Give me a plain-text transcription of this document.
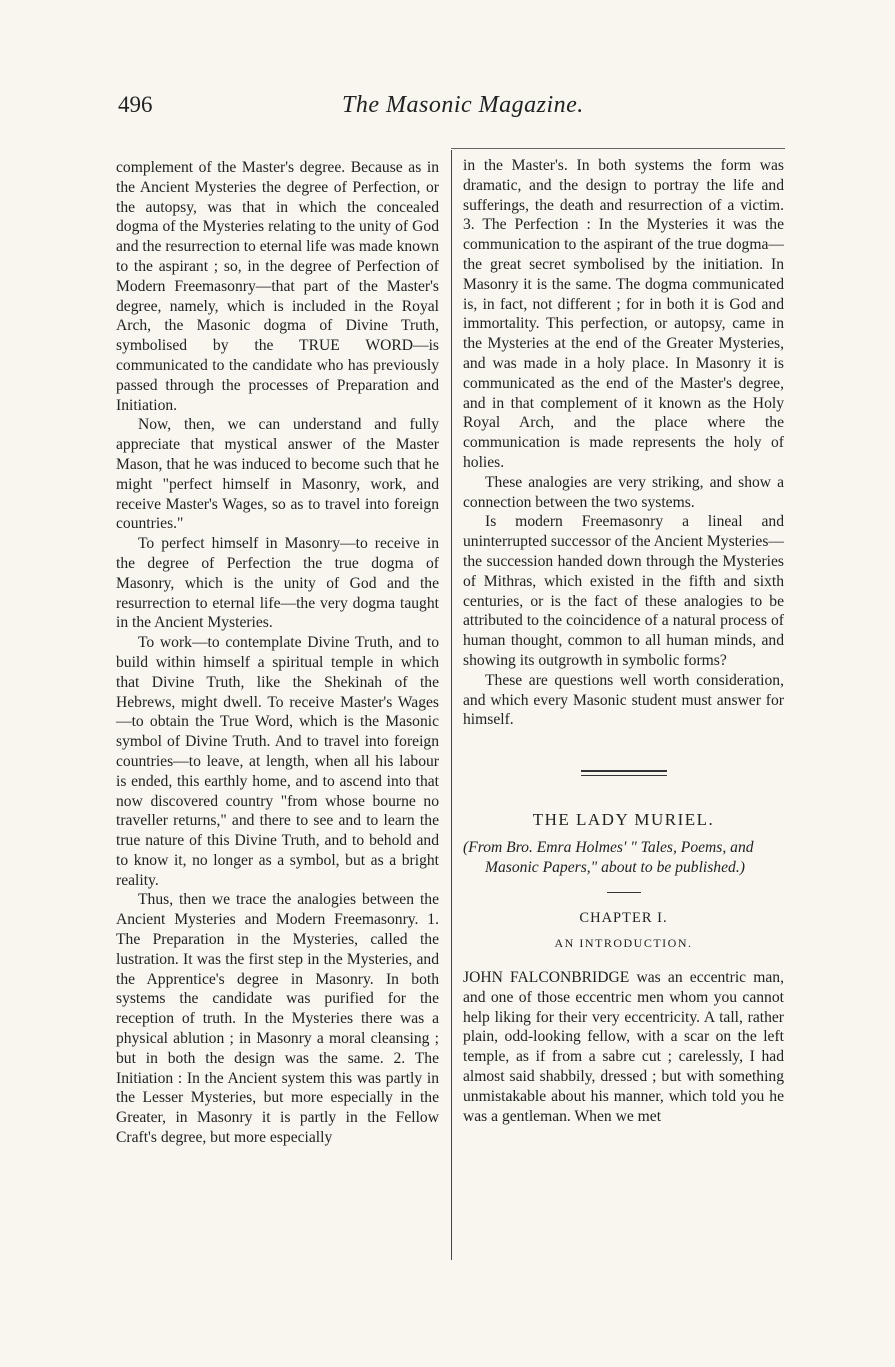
496	The Masonic Magazine.

complement of the Master's degree. Because as in the Ancient Mysteries the degree of Perfection, or the autopsy, was that in which the concealed dogma of the Mysteries relating to the unity of God and the resurrection to eternal life was made known to the aspirant ; so, in the degree of Perfection of Modern Freemasonry—that part of the Master's degree, namely, which is included in the Royal Arch, the Masonic dogma of Divine Truth, symbolised by the TRUE WORD—is communicated to the candidate who has previously passed through the processes of Preparation and Initiation.

Now, then, we can understand and fully appreciate that mystical answer of the Master Mason, that he was induced to become such that he might "perfect himself in Masonry, work, and receive Master's Wages, so as to travel into foreign countries."

To perfect himself in Masonry—to receive in the degree of Perfection the true dogma of Masonry, which is the unity of God and the resurrection to eternal life—the very dogma taught in the Ancient Mysteries.

To work—to contemplate Divine Truth, and to build within himself a spiritual temple in which that Divine Truth, like the Shekinah of the Hebrews, might dwell. To receive Master's Wages—to obtain the True Word, which is the Masonic symbol of Divine Truth. And to travel into foreign countries—to leave, at length, when all his labour is ended, this earthly home, and to ascend into that now discovered country "from whose bourne no traveller returns," and there to see and to learn the true nature of this Divine Truth, and to behold and to know it, no longer as a symbol, but as a bright reality.

Thus, then we trace the analogies between the Ancient Mysteries and Modern Freemasonry. 1. The Preparation in the Mysteries, called the lustration. It was the first step in the Mysteries, and the Apprentice's degree in Masonry. In both systems the candidate was purified for the reception of truth. In the Mysteries there was a physical ablution ; in Masonry a moral cleansing ; but in both the design was the same. 2. The Initiation : In the Ancient system this was partly in the Lesser Mysteries, but more especially in the Greater, in Masonry it is partly in the Fellow Craft's degree, but more especially

in the Master's. In both systems the form was dramatic, and the design to portray the life and sufferings, the death and resurrection of a victim. 3. The Perfection : In the Mysteries it was the communication to the aspirant of the true dogma—the great secret symbolised by the initiation. In Masonry it is the same. The dogma communicated is, in fact, not different ; for in both it is God and immortality. This perfection, or autopsy, came in the Mysteries at the end of the Greater Mysteries, and was made in a holy place. In Masonry it is communicated as the end of the Master's degree, and in that complement of it known as the Holy Royal Arch, and the place where the communication is made represents the holy of holies.

These analogies are very striking, and show a connection between the two systems.

Is modern Freemasonry a lineal and uninterrupted successor of the Ancient Mysteries—the succession handed down through the Mysteries of Mithras, which existed in the fifth and sixth centuries, or is the fact of these analogies to be attributed to the coincidence of a natural process of human thought, common to all human minds, and showing its outgrowth in symbolic forms?

These are questions well worth consideration, and which every Masonic student must answer for himself.

THE LADY MURIEL.

(From Bro. Emra Holmes' " Tales, Poems, and Masonic Papers," about to be published.)

CHAPTER I.
AN INTRODUCTION.

JOHN FALCONBRIDGE was an eccentric man, and one of those eccentric men whom you cannot help liking for their very eccentricity. A tall, rather plain, odd-looking fellow, with a scar on the left temple, as if from a sabre cut ; carelessly, I had almost said shabbily, dressed ; but with something unmistakable about his manner, which told you he was a gentleman. When we met
